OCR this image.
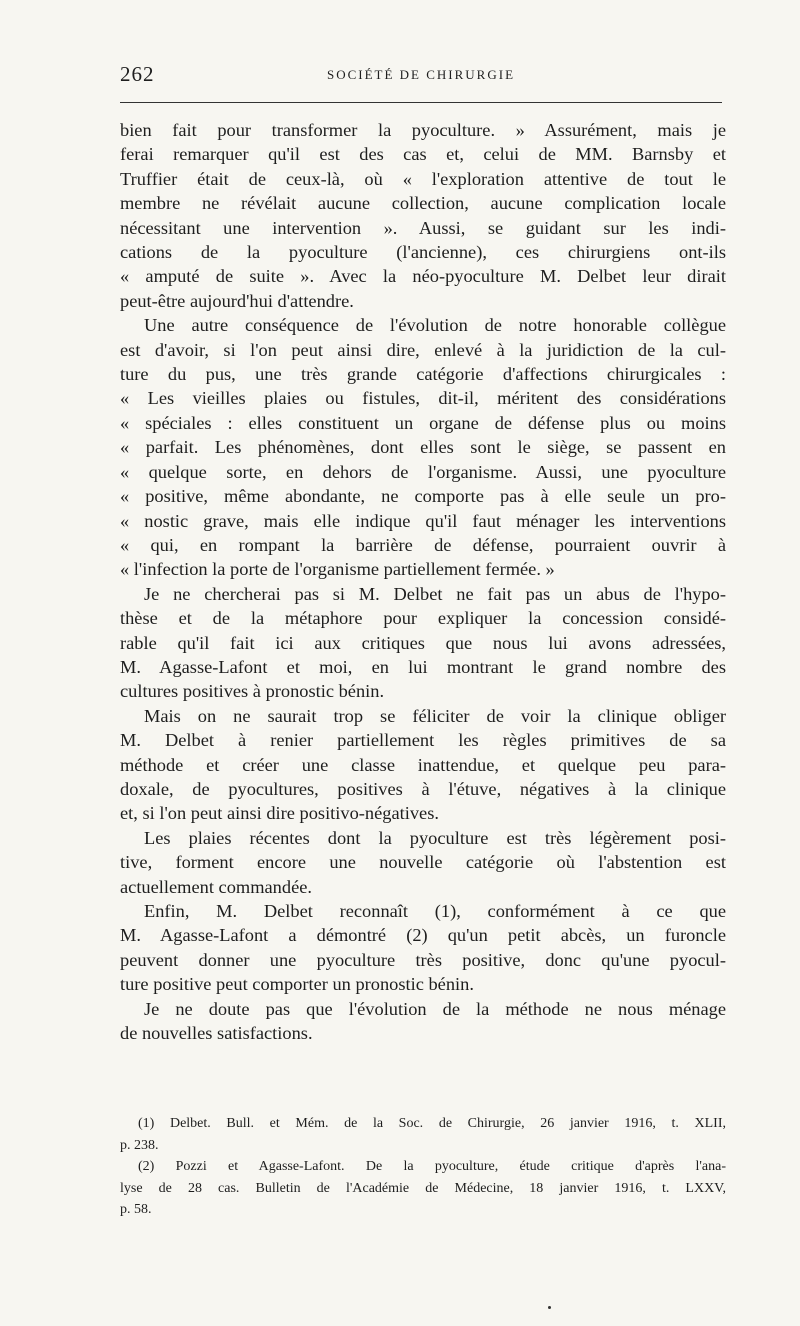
262	SOCIÉTÉ DE CHIRURGIE

bien fait pour transformer la pyoculture. » Assurément, mais je
ferai remarquer qu'il est des cas et, celui de MM. Barnsby et
Truffier était de ceux-là, où « l'exploration attentive de tout le
membre ne révélait aucune collection, aucune complication locale
nécessitant une intervention ». Aussi, se guidant sur les indi-
cations de la pyoculture (l'ancienne), ces chirurgiens ont-ils
« amputé de suite ». Avec la néo-pyoculture M. Delbet leur dirait
peut-être aujourd'hui d'attendre.

Une autre conséquence de l'évolution de notre honorable collègue
est d'avoir, si l'on peut ainsi dire, enlevé à la juridiction de la cul-
ture du pus, une très grande catégorie d'affections chirurgicales :
« Les vieilles plaies ou fistules, dit-il, méritent des considérations
« spéciales : elles constituent un organe de défense plus ou moins
« parfait. Les phénomènes, dont elles sont le siège, se passent en
« quelque sorte, en dehors de l'organisme. Aussi, une pyoculture
« positive, même abondante, ne comporte pas à elle seule un pro-
« nostic grave, mais elle indique qu'il faut ménager les interventions
« qui, en rompant la barrière de défense, pourraient ouvrir à
« l'infection la porte de l'organisme partiellement fermée. »

Je ne chercherai pas si M. Delbet ne fait pas un abus de l'hypo-
thèse et de la métaphore pour expliquer la concession considé-
rable qu'il fait ici aux critiques que nous lui avons adressées,
M. Agasse-Lafont et moi, en lui montrant le grand nombre des
cultures positives à pronostic bénin.

Mais on ne saurait trop se féliciter de voir la clinique obliger
M. Delbet à renier partiellement les règles primitives de sa
méthode et créer une classe inattendue, et quelque peu para-
doxale, de pyocultures, positives à l'étuve, négatives à la clinique
et, si l'on peut ainsi dire positivo-négatives.

Les plaies récentes dont la pyoculture est très légèrement posi-
tive, forment encore une nouvelle catégorie où l'abstention est
actuellement commandée.

Enfin, M. Delbet reconnaît (1), conformément à ce que
M. Agasse-Lafont a démontré (2) qu'un petit abcès, un furoncle
peuvent donner une pyoculture très positive, donc qu'une pyocul-
ture positive peut comporter un pronostic bénin.

Je ne doute pas que l'évolution de la méthode ne nous ménage
de nouvelles satisfactions.

(1) Delbet. Bull. et Mém. de la Soc. de Chirurgie, 26 janvier 1916, t. XLII,
p. 238.
(2) Pozzi et Agasse-Lafont. De la pyoculture, étude critique d'après l'ana-
lyse de 28 cas. Bulletin de l'Académie de Médecine, 18 janvier 1916, t. LXXV,
p. 58.
